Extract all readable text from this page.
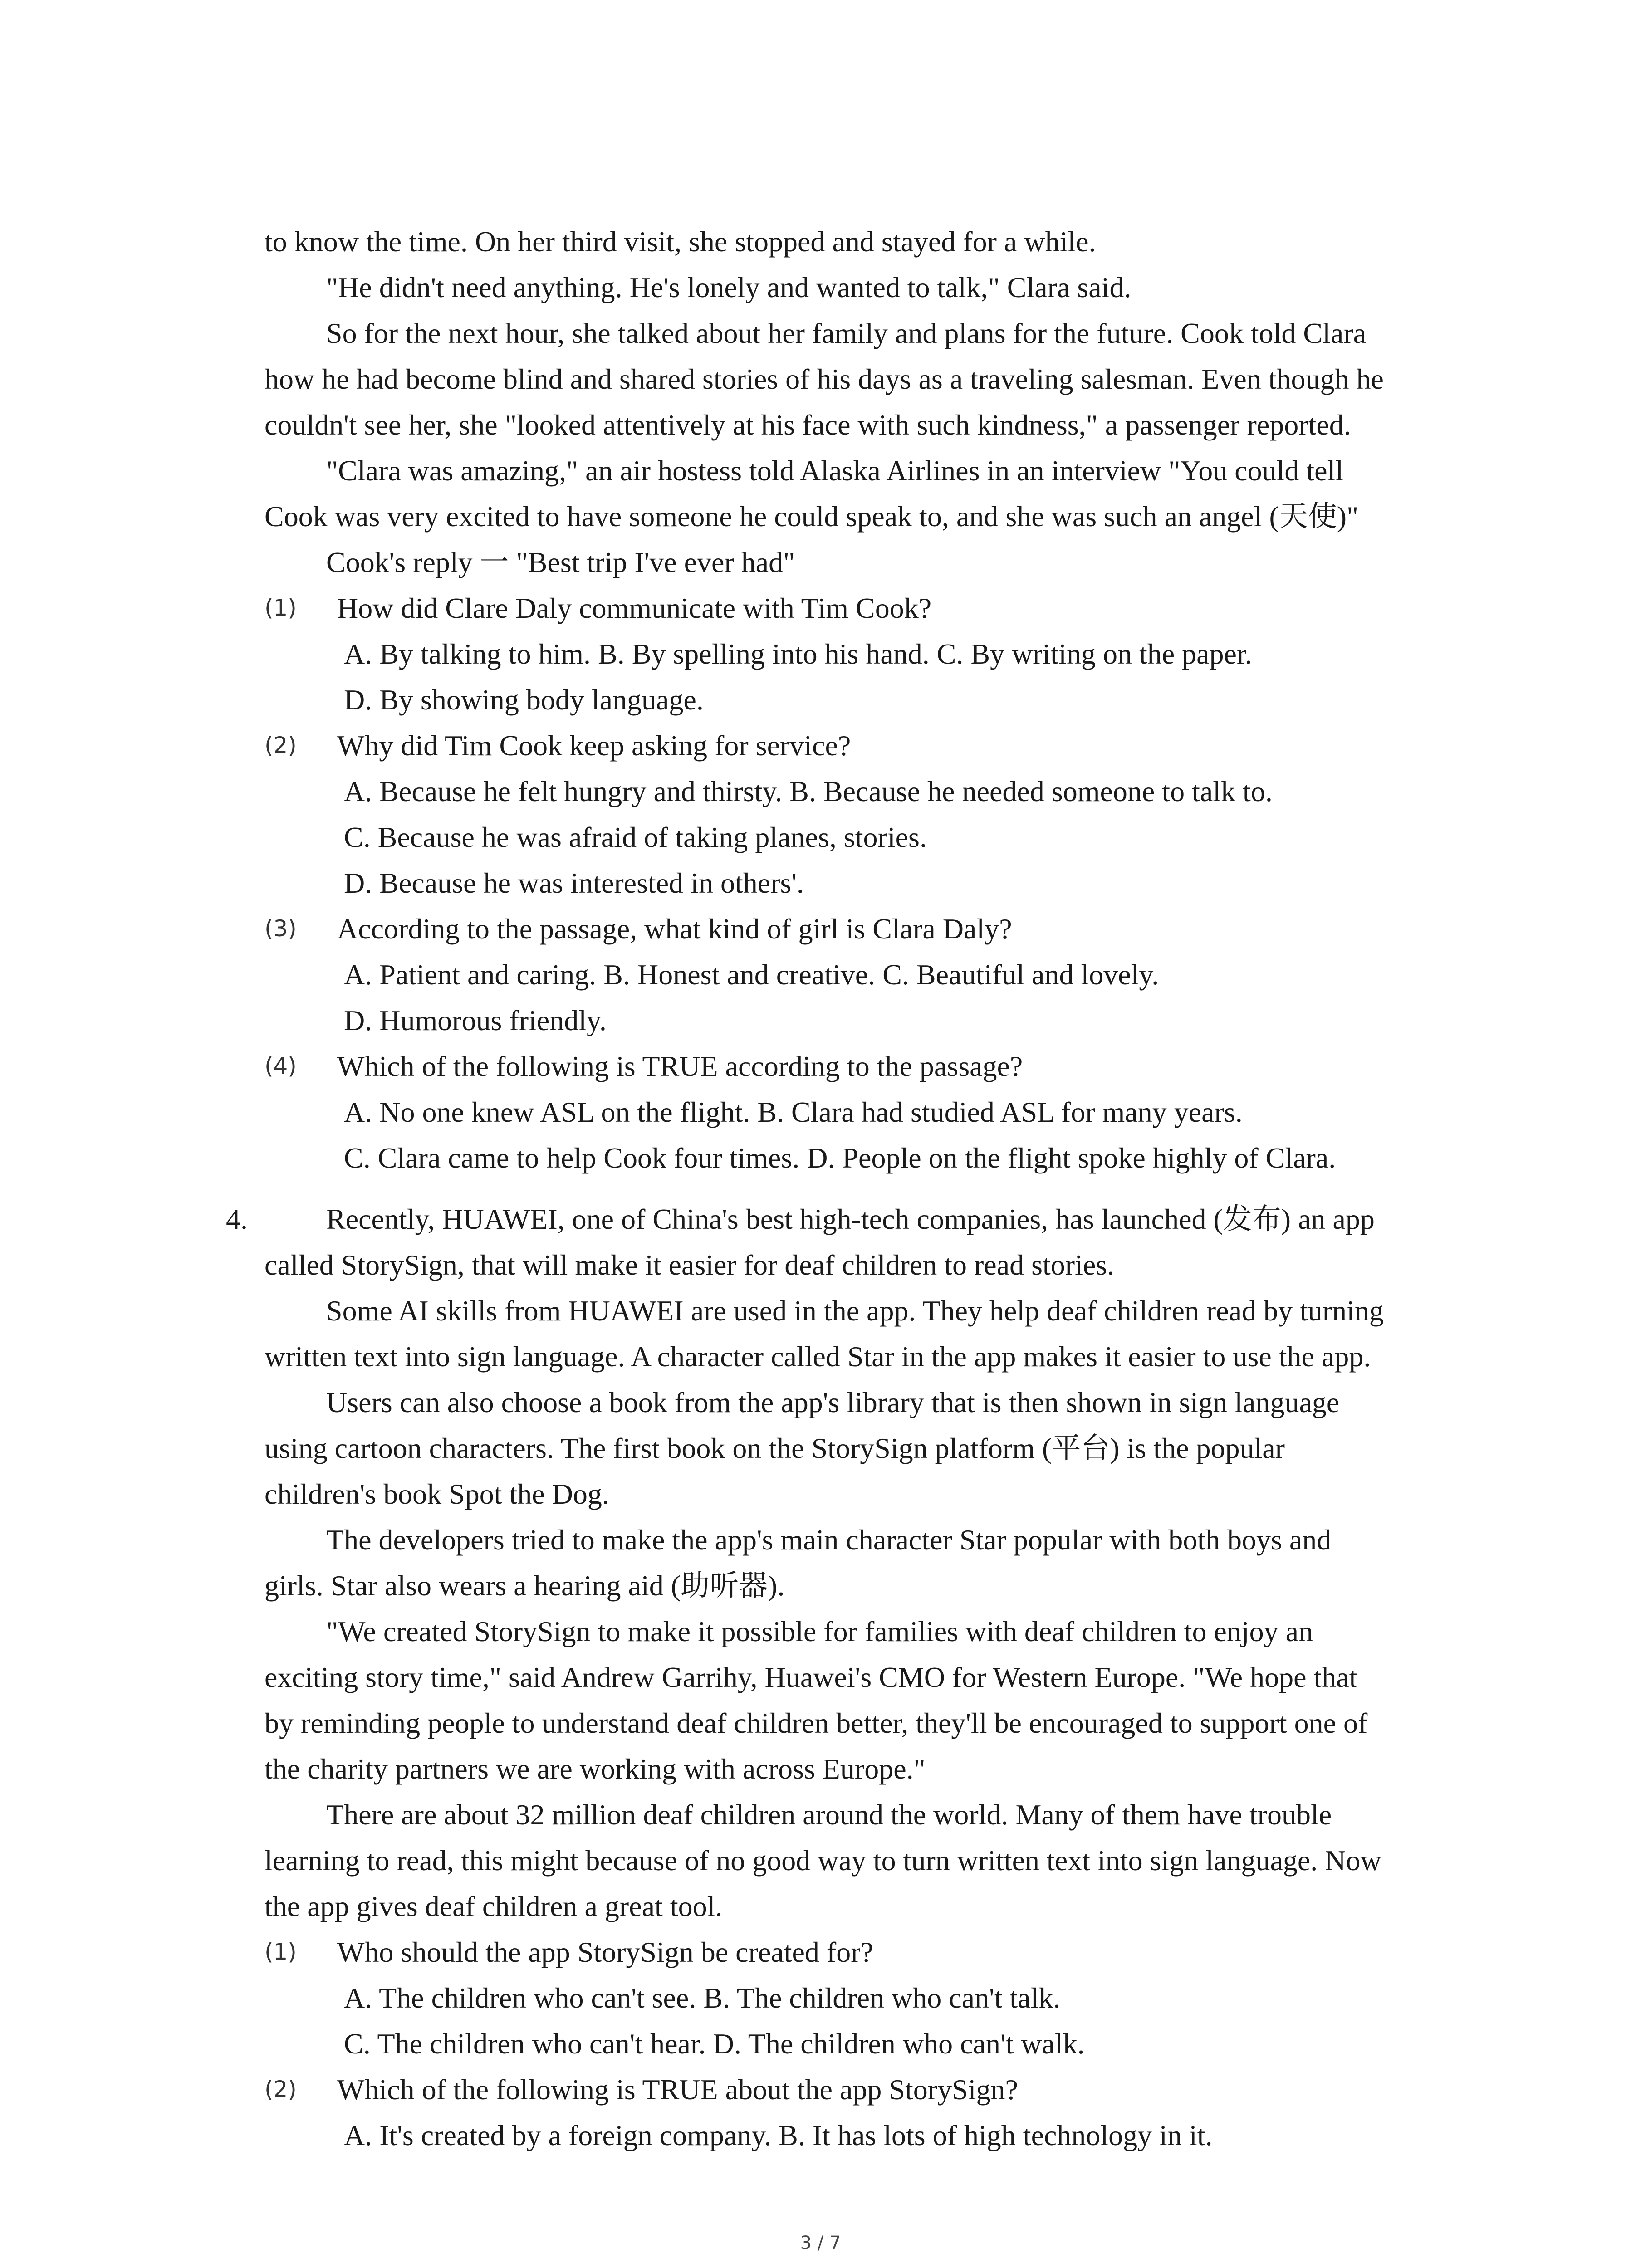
to know the time. On her third visit, she stopped and stayed for a while.
"He didn't need anything. He's lonely and wanted to talk," Clara said.
So for the next hour, she talked about her family and plans for the future. Cook told Clara
how he had become blind and shared stories of his days as a traveling salesman. Even though he
couldn't see her, she "looked attentively at his face with such kindness," a passenger reported.
"Clara was amazing," an air hostess told Alaska Airlines in an interview "You could tell
Cook was very excited to have someone he could speak to, and she was such an angel (天使)"
Cook's reply 一 "Best trip I've ever had"
(1) How did Clare Daly communicate with Tim Cook?
A. By talking to him. B. By spelling into his hand. C. By writing on the paper.
D. By showing body language.
(2) Why did Tim Cook keep asking for service?
A. Because he felt hungry and thirsty. B. Because he needed someone to talk to.
C. Because he was afraid of taking planes, stories.
D. Because he was interested in others'.
(3) According to the passage, what kind of girl is Clara Daly?
A. Patient and caring. B. Honest and creative. C. Beautiful and lovely.
D. Humorous friendly.
(4) Which of the following is TRUE according to the passage?
A. No one knew ASL on the flight. B. Clara had studied ASL for many years.
C. Clara came to help Cook four times. D. People on the flight spoke highly of Clara.
4.	Recently, HUAWEI, one of China's best high-tech companies, has launched (发布) an app
called StorySign, that will make it easier for deaf children to read stories.
Some AI skills from HUAWEI are used in the app. They help deaf children read by turning
written text into sign language. A character called Star in the app makes it easier to use the app.
Users can also choose a book from the app's library that is then shown in sign language
using cartoon characters. The first book on the StorySign platform (平台) is the popular
children's book Spot the Dog.
The developers tried to make the app's main character Star popular with both boys and
girls. Star also wears a hearing aid (助听器).
"We created StorySign to make it possible for families with deaf children to enjoy an
exciting story time," said Andrew Garrihy, Huawei's CMO for Western Europe. "We hope that
by reminding people to understand deaf children better, they'll be encouraged to support one of
the charity partners we are working with across Europe."
There are about 32 million deaf children around the world. Many of them have trouble
learning to read, this might because of no good way to turn written text into sign language. Now
the app gives deaf children a great tool.
(1) Who should the app StorySign be created for?
A. The children who can't see. B. The children who can't talk.
C. The children who can't hear. D. The children who can't walk.
(2) Which of the following is TRUE about the app StorySign?
A. It's created by a foreign company. B. It has lots of high technology in it.
3 / 7
